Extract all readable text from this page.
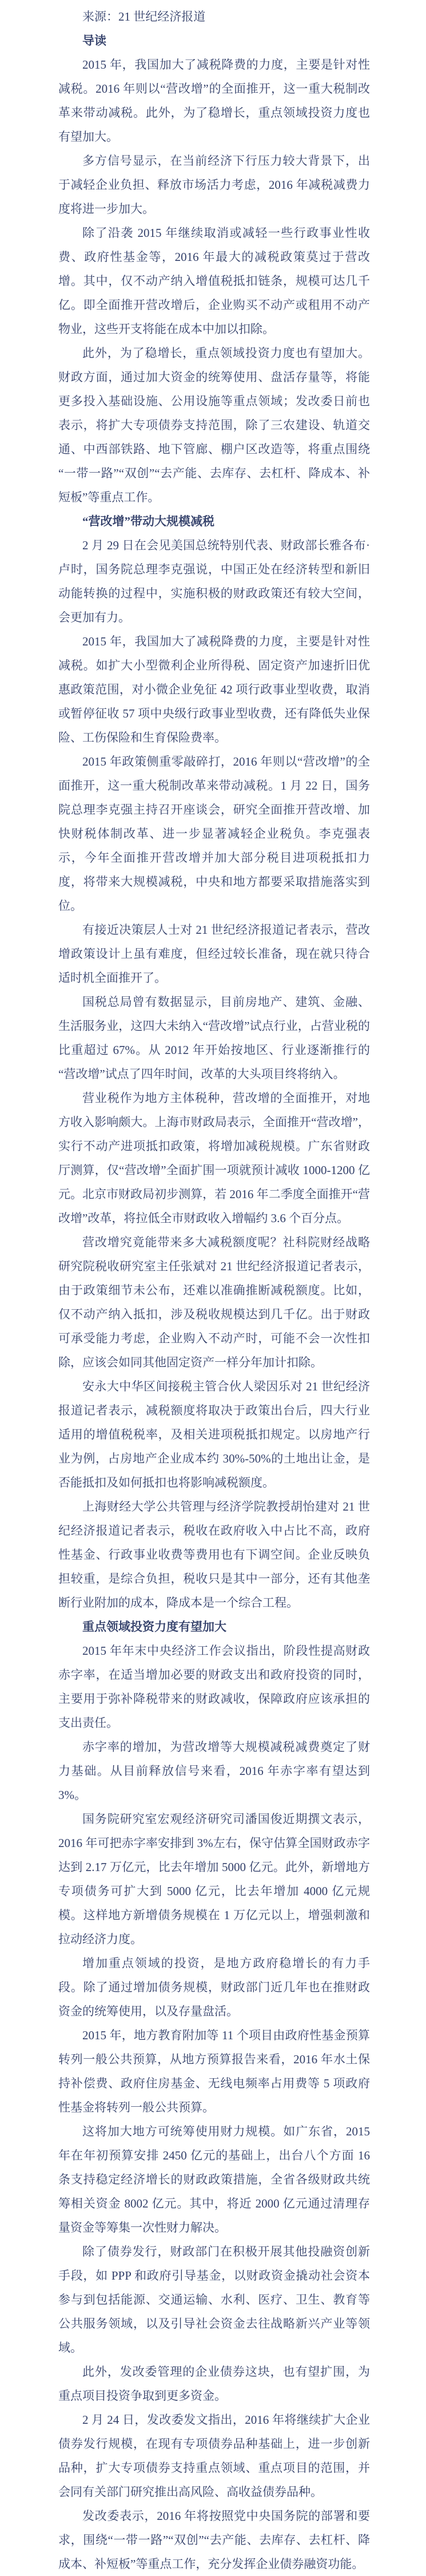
来源：21 世纪经济报道

导读

2015 年，我国加大了减税降费的力度，主要是针对性减税。2016 年则以“营改增”的全面推开，这一重大税制改革来带动减税。此外，为了稳增长，重点领域投资力度也有望加大。

多方信号显示，在当前经济下行压力较大背景下，出于减轻企业负担、释放市场活力考虑，2016 年减税减费力度将进一步加大。

除了沿袭 2015 年继续取消或减轻一些行政事业性收费、政府性基金等，2016 年最大的减税政策莫过于营改增。其中，仅不动产纳入增值税抵扣链条，规模可达几千亿。即全面推开营改增后，企业购买不动产或租用不动产物业，这些开支将能在成本中加以扣除。

此外，为了稳增长，重点领域投资力度也有望加大。财政方面，通过加大资金的统筹使用、盘活存量等，将能更多投入基础设施、公用设施等重点领域；发改委日前也表示，将扩大专项债券支持范围，除了三农建设、轨道交通、中西部铁路、地下管廊、棚户区改造等，将重点围绕“一带一路”“双创”“去产能、去库存、去杠杆、降成本、补短板”等重点工作。

“营改增”带动大规模减税

2 月 29 日在会见美国总统特别代表、财政部长雅各布·卢时，国务院总理李克强说，中国正处在经济转型和新旧动能转换的过程中，实施积极的财政政策还有较大空间，会更加有力。

2015 年，我国加大了减税降费的力度，主要是针对性减税。如扩大小型微利企业所得税、固定资产加速折旧优惠政策范围，对小微企业免征 42 项行政事业型收费，取消或暂停征收 57 项中央级行政事业型收费，还有降低失业保险、工伤保险和生育保险费率。

2015 年政策侧重零敲碎打，2016 年则以“营改增”的全面推开，这一重大税制改革来带动减税。1 月 22 日，国务院总理李克强主持召开座谈会，研究全面推开营改增、加快财税体制改革、进一步显著减轻企业税负。李克强表示，今年全面推开营改增并加大部分税目进项税抵扣力度，将带来大规模减税，中央和地方都要采取措施落实到位。

有接近决策层人士对 21 世纪经济报道记者表示，营改增政策设计上虽有难度，但经过较长准备，现在就只待合适时机全面推开了。

国税总局曾有数据显示，目前房地产、建筑、金融、生活服务业，这四大未纳入“营改增”试点行业，占营业税的比重超过 67%。从 2012 年开始按地区、行业逐渐推行的“营改增”试点了四年时间，改革的大头项目终将纳入。

营业税作为地方主体税种，营改增的全面推开，对地方收入影响颇大。上海市财政局表示，全面推开“营改增”，实行不动产进项抵扣政策，将增加减税规模。广东省财政厅测算，仅“营改增”全面扩围一项就预计减收 1000-1200 亿元。北京市财政局初步测算，若 2016 年二季度全面推开“营改增”改革，将拉低全市财政收入增幅约 3.6 个百分点。

营改增究竟能带来多大减税额度呢？社科院财经战略研究院税收研究室主任张斌对 21 世纪经济报道记者表示，由于政策细节未公布，还难以准确推断减税额度。比如，仅不动产纳入抵扣，涉及税收规模达到几千亿。出于财政可承受能力考虑，企业购入不动产时，可能不会一次性扣除，应该会如同其他固定资产一样分年加计扣除。

安永大中华区间接税主管合伙人梁因乐对 21 世纪经济报道记者表示，减税额度将取决于政策出台后，四大行业适用的增值税税率，及相关进项税抵扣规定。以房地产行业为例，占房地产企业成本约 30%-50%的土地出让金，是否能抵扣及如何抵扣也将影响减税额度。

上海财经大学公共管理与经济学院教授胡怡建对 21 世纪经济报道记者表示，税收在政府收入中占比不高，政府性基金、行政事业收费等费用也有下调空间。企业反映负担较重，是综合负担，税收只是其中一部分，还有其他垄断行业附加的成本，降成本是一个综合工程。

重点领域投资力度有望加大

2015 年年末中央经济工作会议指出，阶段性提高财政赤字率，在适当增加必要的财政支出和政府投资的同时，主要用于弥补降税带来的财政减收，保障政府应该承担的支出责任。

赤字率的增加，为营改增等大规模减税减费奠定了财力基础。从目前释放信号来看，2016 年赤字率有望达到 3%。

国务院研究室宏观经济研究司潘国俊近期撰文表示，2016 年可把赤字率安排到 3%左右，保守估算全国财政赤字达到 2.17 万亿元，比去年增加 5000 亿元。此外，新增地方专项债务可扩大到 5000 亿元，比去年增加 4000 亿元规模。这样地方新增债务规模在 1 万亿元以上，增强刺激和拉动经济力度。

增加重点领域的投资，是地方政府稳增长的有力手段。除了通过增加债务规模，财政部门近几年也在推财政资金的统筹使用，以及存量盘活。

2015 年，地方教育附加等 11 个项目由政府性基金预算转列一般公共预算，从地方预算报告来看，2016 年水土保持补偿费、政府住房基金、无线电频率占用费等 5 项政府性基金将转列一般公共预算。

这将加大地方可统筹使用财力规模。如广东省，2015 年在年初预算安排 2450 亿元的基础上，出台八个方面 16 条支持稳定经济增长的财政政策措施，全省各级财政共统筹相关资金 8002 亿元。其中，将近 2000 亿元通过清理存量资金等筹集一次性财力解决。

除了债券发行，财政部门在积极开展其他投融资创新手段，如 PPP 和政府引导基金，以财政资金撬动社会资本参与到包括能源、交通运输、水利、医疗、卫生、教育等公共服务领域，以及引导社会资金去往战略新兴产业等领域。

此外，发改委管理的企业债券这块，也有望扩围，为重点项目投资争取到更多资金。

2 月 24 日，发改委发文指出，2016 年将继续扩大企业债券发行规模，在现有专项债券品种基础上，进一步创新品种，扩大专项债券支持重点领域、重点项目的范围，并会同有关部门研究推出高风险、高收益债券品种。

发改委表示，2016 年将按照党中央国务院的部署和要求，围绕“一带一路”“双创”“去产能、去库存、去杠杆、降成本、补短板”等重点工作，充分发挥企业债券融资功能。
